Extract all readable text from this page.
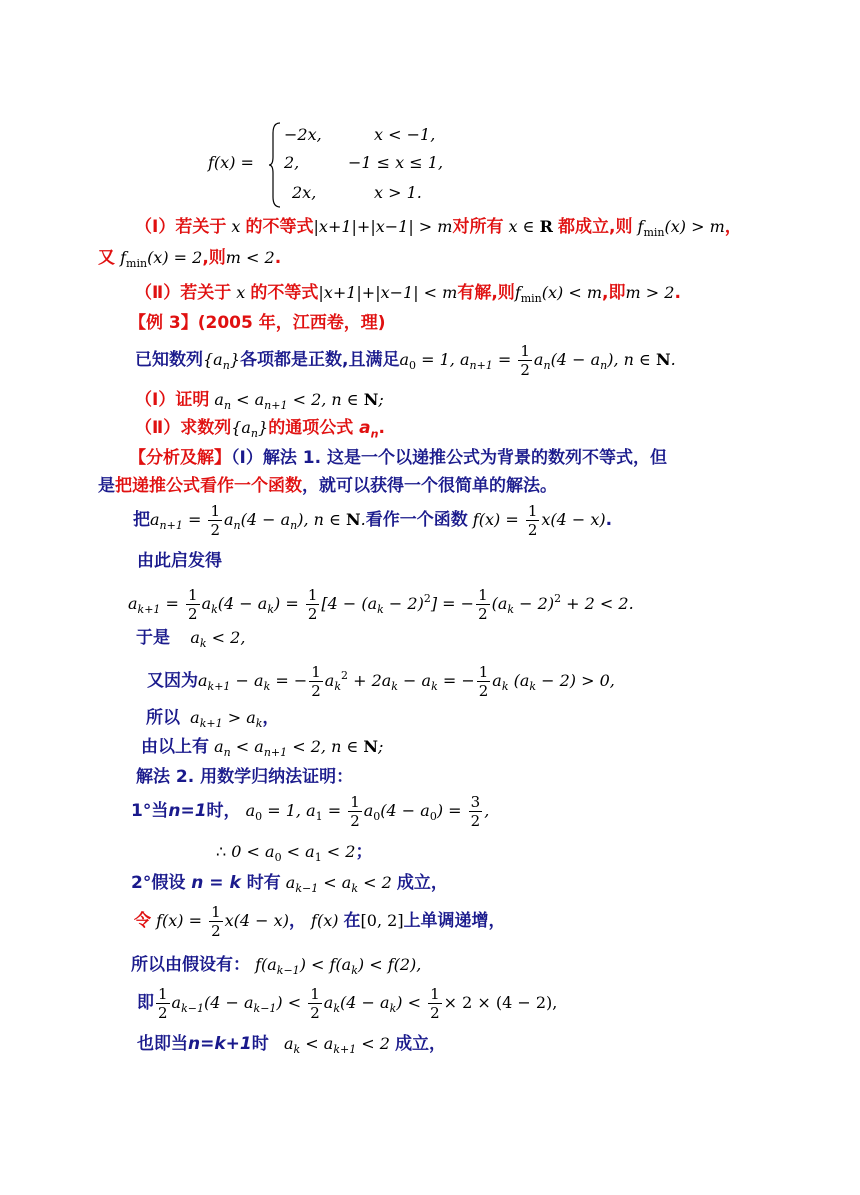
f(x) =
−2x,	x < −1,
2,	−1 ≤ x ≤ 1,
2x,	x > 1.
（Ⅰ）若关于 x 的不等式|x+1|+|x−1| > m对所有 x ∈ R 都成立,则 $f_{min}(x) > m$，
又 $f_{min}(x) = 2$,则m < 2.
（Ⅱ）若关于 x 的不等式|x+1|+|x−1| < m有解,则$f_{min}(x) < m$,即m > 2.
【例 3】(2005 年，江西卷，理)
已知数列$\{a_n\}$各项都是正数,且满足$a_0 = 1$, $a_{n+1} = \frac{1}{2} a_n(4 - a_n)$, n ∈ N.
（Ⅰ）证明 $a_n < a_{n+1} < 2$, n ∈ N;
（Ⅱ）求数列$\{a_n\}$的通项公式 $a_n$.
【分析及解】（Ⅰ）解法 1. 这是一个以递推公式为背景的数列不等式，但
是把递推公式看作一个函数，就可以获得一个很简单的解法。
把$a_{n+1} = \frac{1}{2} a_n(4 - a_n)$, n ∈ N.看作一个函数 $f(x) = \frac{1}{2} x(4 - x)$.
由此启发得
$a_{k+1} = \frac{1}{2} a_k(4 - a_k) = \frac{1}{2} [4 - (a_k - 2)^2]$ = − $\frac{1}{2} (a_k - 2)^2 + 2 < 2$.
于是    $a_k < 2$,
又因为$a_{k+1} - a_k$ = − $\frac{1}{2} a_k^2 + 2a_k - a_k$ = − $\frac{1}{2} a_k$ $(a_k - 2) > 0$,
所以  $a_{k+1} > a_k$，
由以上有 $a_n < a_{n+1} < 2$, n ∈ N;
解法 2. 用数学归纳法证明：
1°当n=1时， $a_0 = 1$, $a_1 = \frac{1}{2} a_0(4 - a_0) = \frac{3}{2}$ ,
∴ $0 < a_0 < a_1 < 2$；
2°假设 n = k 时有 $a_{k-1} < a_k < 2$ 成立，
令 $f(x) = \frac{1}{2} x(4 - x)$， f(x) 在[0, 2]上单调递增，
所以由假设有： $f(a_{k-1}) < f(a_k) < f(2)$,
即 $\frac{1}{2} a_{k-1}(4 - a_{k-1}) < \frac{1}{2} a_k(4 - a_k) < \frac{1}{2} \times 2 \times (4 - 2)$,
也即当n=k+1时   $a_k < a_{k+1} < 2$ 成立，
